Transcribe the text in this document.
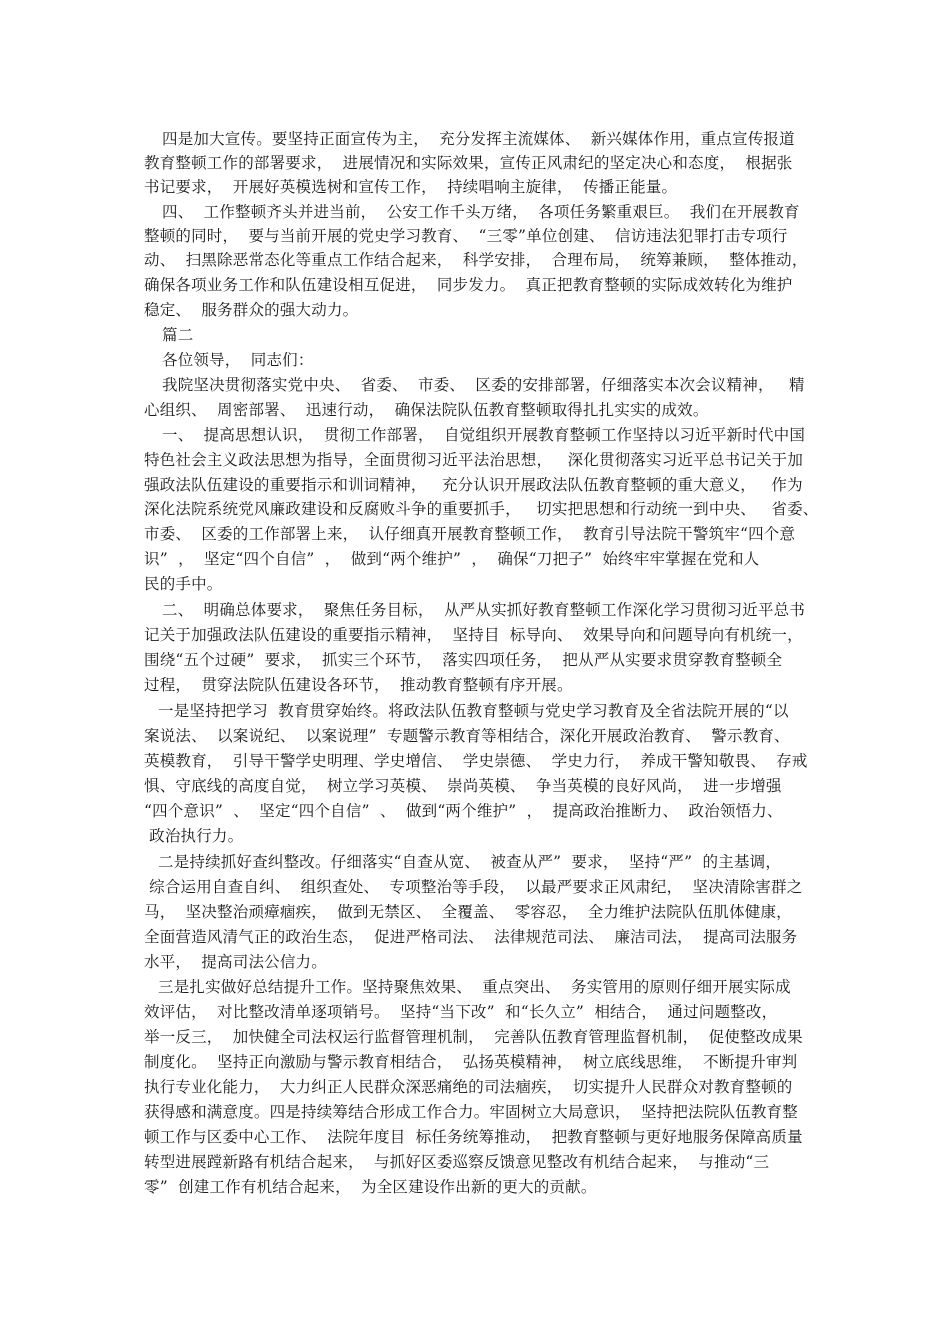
四是加大宣传。要坚持正面宣传为主，  充分发挥主流媒体、  新兴媒体作用，重点宣传报道
教育整顿工作的部署要求，  进展情况和实际效果，宣传正风肃纪的坚定决心和态度，  根据张
书记要求，  开展好英模选树和宣传工作，  持续唱响主旋律，  传播正能量。
四、  工作整顿齐头并进当前，  公安工作千头万绪，  各项任务繁重艰巨。  我们在开展教育
整顿的同时，  要与当前开展的党史学习教育、  “三零”单位创建、  信访违法犯罪打击专项行
动、  扫黑除恶常态化等重点工作结合起来，  科学安排，  合理布局，  统筹兼顾，  整体推动，
确保各项业务工作和队伍建设相互促进，  同步发力。  真正把教育整顿的实际成效转化为维护
稳定、  服务群众的强大动力。
篇二
各位领导，  同志们：
我院坚决贯彻落实党中央、  省委、  市委、  区委的安排部署，仔细落实本次会议精神，   精
心组织、  周密部署、  迅速行动，  确保法院队伍教育整顿取得扎扎实实的成效。
一、  提高思想认识，  贯彻工作部署，  自觉组织开展教育整顿工作坚持以习近平新时代中国
特色社会主义政法思想为指导，全面贯彻习近平法治思想，   深化贯彻落实习近平总书记关于加
强政法队伍建设的重要指示和训词精神，   充分认识开展政法队伍教育整顿的重大意义，   作为
深化法院系统党风廉政建设和反腐败斗争的重要抓手，   切实把思想和行动统一到中央、   省委、
市委、  区委的工作部署上来，  认仔细真开展教育整顿工作，  教育引导法院干警筑牢“四个意
识”  ，  坚定“四个自信”  ，  做到“两个维护”  ，  确保“刀把子”  始终牢牢掌握在党和人
民的手中。
二、  明确总体要求，  聚焦任务目标，  从严从实抓好教育整顿工作深化学习贯彻习近平总书
记关于加强政法队伍建设的重要指示精神，  坚持目  标导向、  效果导向和问题导向有机统一，
围绕“五个过硬”  要求，  抓实三个环节，  落实四项任务，  把从严从实要求贯穿教育整顿全
过程，  贯穿法院队伍建设各环节，  推动教育整顿有序开展。
一是坚持把学习  教育贯穿始终。将政法队伍教育整顿与党史学习教育及全省法院开展的“以
案说法、  以案说纪、  以案说理”  专题警示教育等相结合，深化开展政治教育、  警示教育、
英模教育，  引导干警学史明理、学史增信、  学史崇德、  学史力行，  养成干警知敬畏、  存戒
惧、守底线的高度自觉，  树立学习英模、  崇尚英模、  争当英模的良好风尚，  进一步增强
“四个意识”  、  坚定“四个自信”  、  做到“两个维护”  ，  提高政治推断力、  政治领悟力、
政治执行力。
二是持续抓好查纠整改。仔细落实“自查从宽、  被查从严”  要求，  坚持“严”  的主基调，
综合运用自查自纠、  组织查处、  专项整治等手段，  以最严要求正风肃纪，  坚决清除害群之
马，  坚决整治顽瘴痼疾，  做到无禁区、  全覆盖、  零容忍，  全力维护法院队伍肌体健康，
全面营造风清气正的政治生态，  促进严格司法、  法律规范司法、  廉洁司法，  提高司法服务
水平，  提高司法公信力。
三是扎实做好总结提升工作。坚持聚焦效果、  重点突出、  务实管用的原则仔细开展实际成
效评估，  对比整改清单逐项销号。  坚持“当下改”  和“长久立”  相结合，  通过问题整改，
举一反三，  加快健全司法权运行监督管理机制，  完善队伍教育管理监督机制，  促使整改成果
制度化。  坚持正向激励与警示教育相结合，  弘扬英模精神，  树立底线思维，  不断提升审判
执行专业化能力，  大力纠正人民群众深恶痛绝的司法痼疾，  切实提升人民群众对教育整顿的
获得感和满意度。四是持续筹结合形成工作合力。牢固树立大局意识，  坚持把法院队伍教育整
顿工作与区委中心工作、  法院年度目  标任务统筹推动，  把教育整顿与更好地服务保障高质量
转型进展蹚新路有机结合起来，  与抓好区委巡察反馈意见整改有机结合起来，  与推动“三
零”  创建工作有机结合起来，  为全区建设作出新的更大的贡献。
